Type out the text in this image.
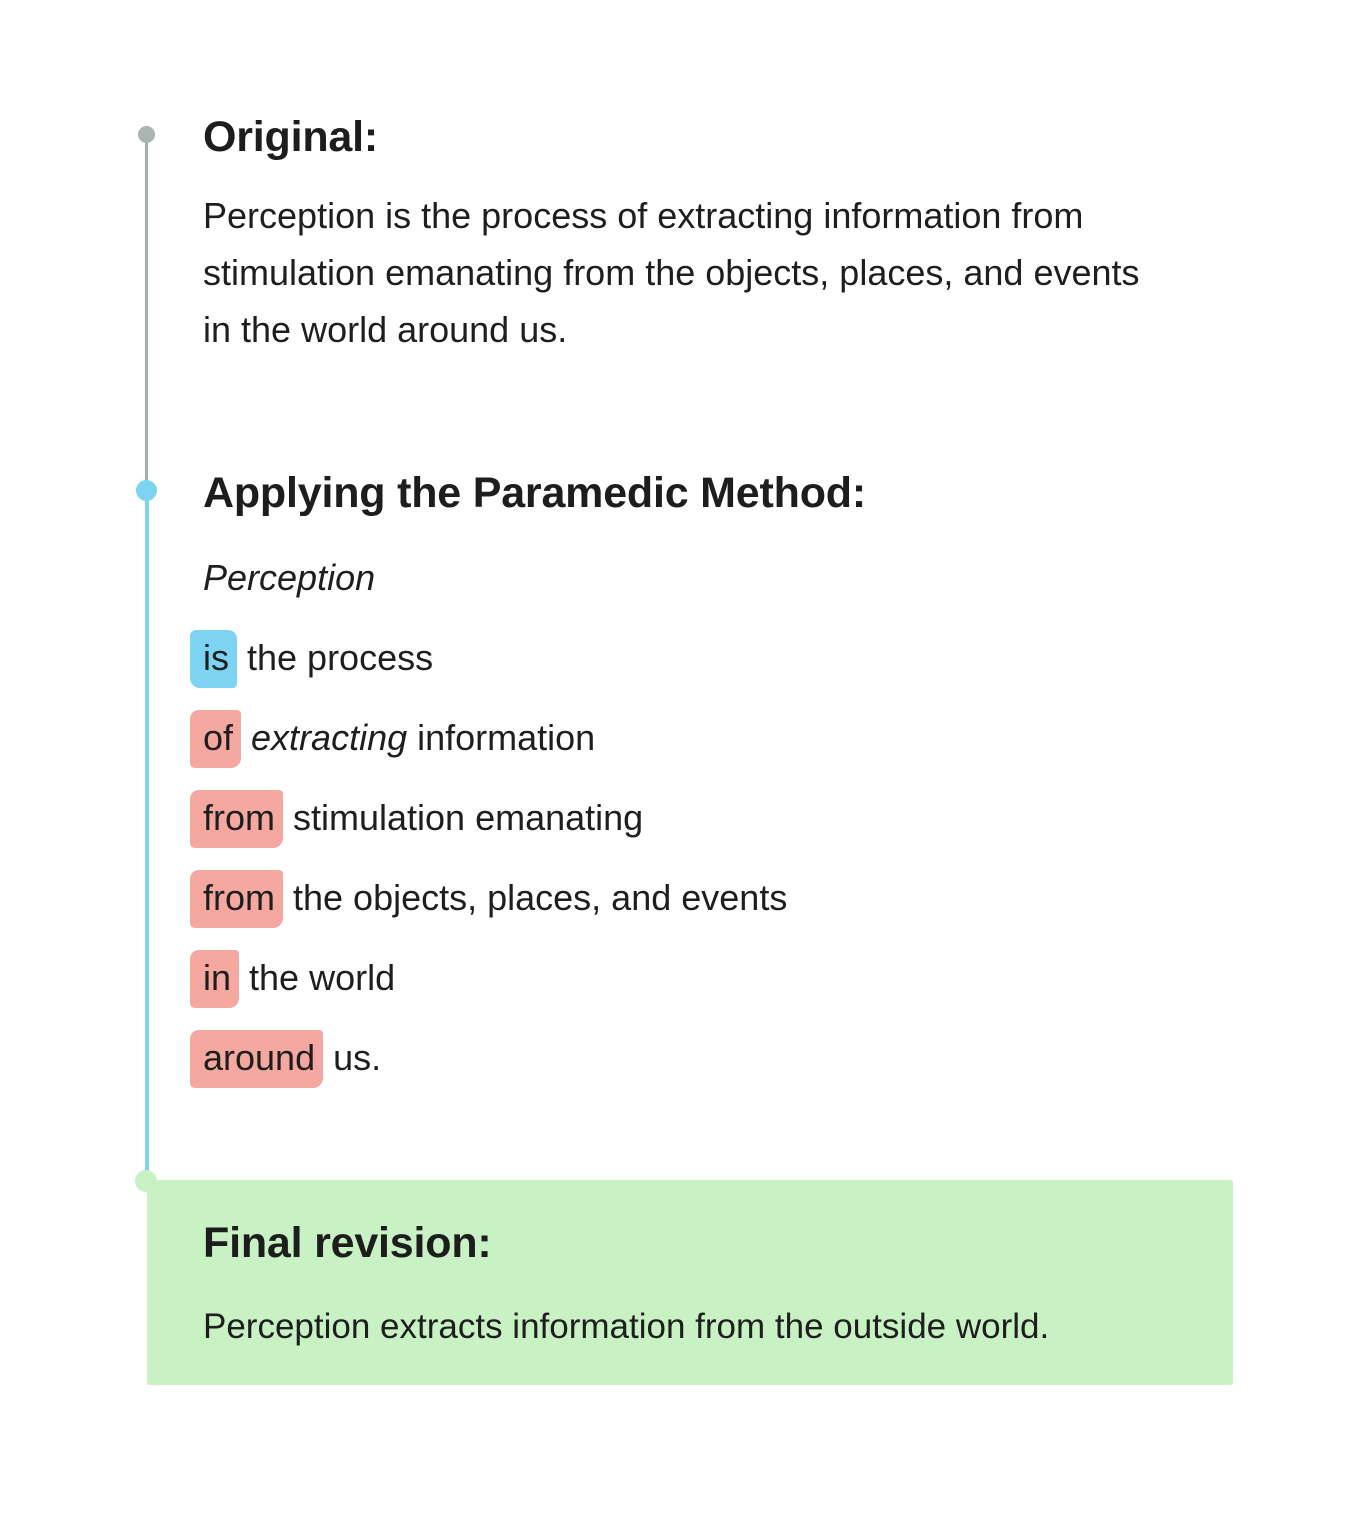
Original:
Perception is the process of extracting information from
stimulation emanating from the objects, places, and events
in the world around us.
Applying the Paramedic Method:
Perception
is the process
of extracting information
from stimulation emanating
from the objects, places, and events
in the world
around us.
Final revision:
Perception extracts information from the outside world.
